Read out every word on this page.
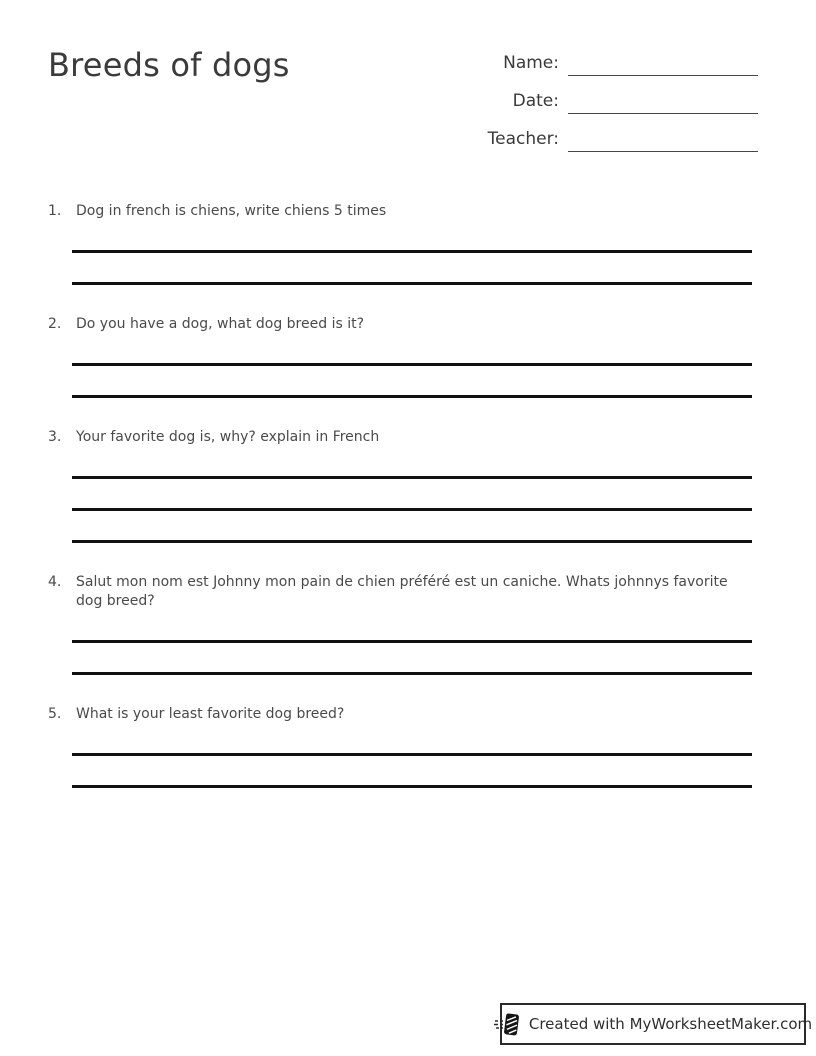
Breeds of dogs	Name:
Date:
Teacher:
1.	Dog in french is chiens, write chiens 5 times
2.	Do you have a dog, what dog breed is it?
3.	Your favorite dog is, why? explain in French
4.	Salut mon nom est Johnny mon pain de chien préféré est un caniche. Whats johnnys favorite dog breed?
5.	What is your least favorite dog breed?
Created with MyWorksheetMaker.com
